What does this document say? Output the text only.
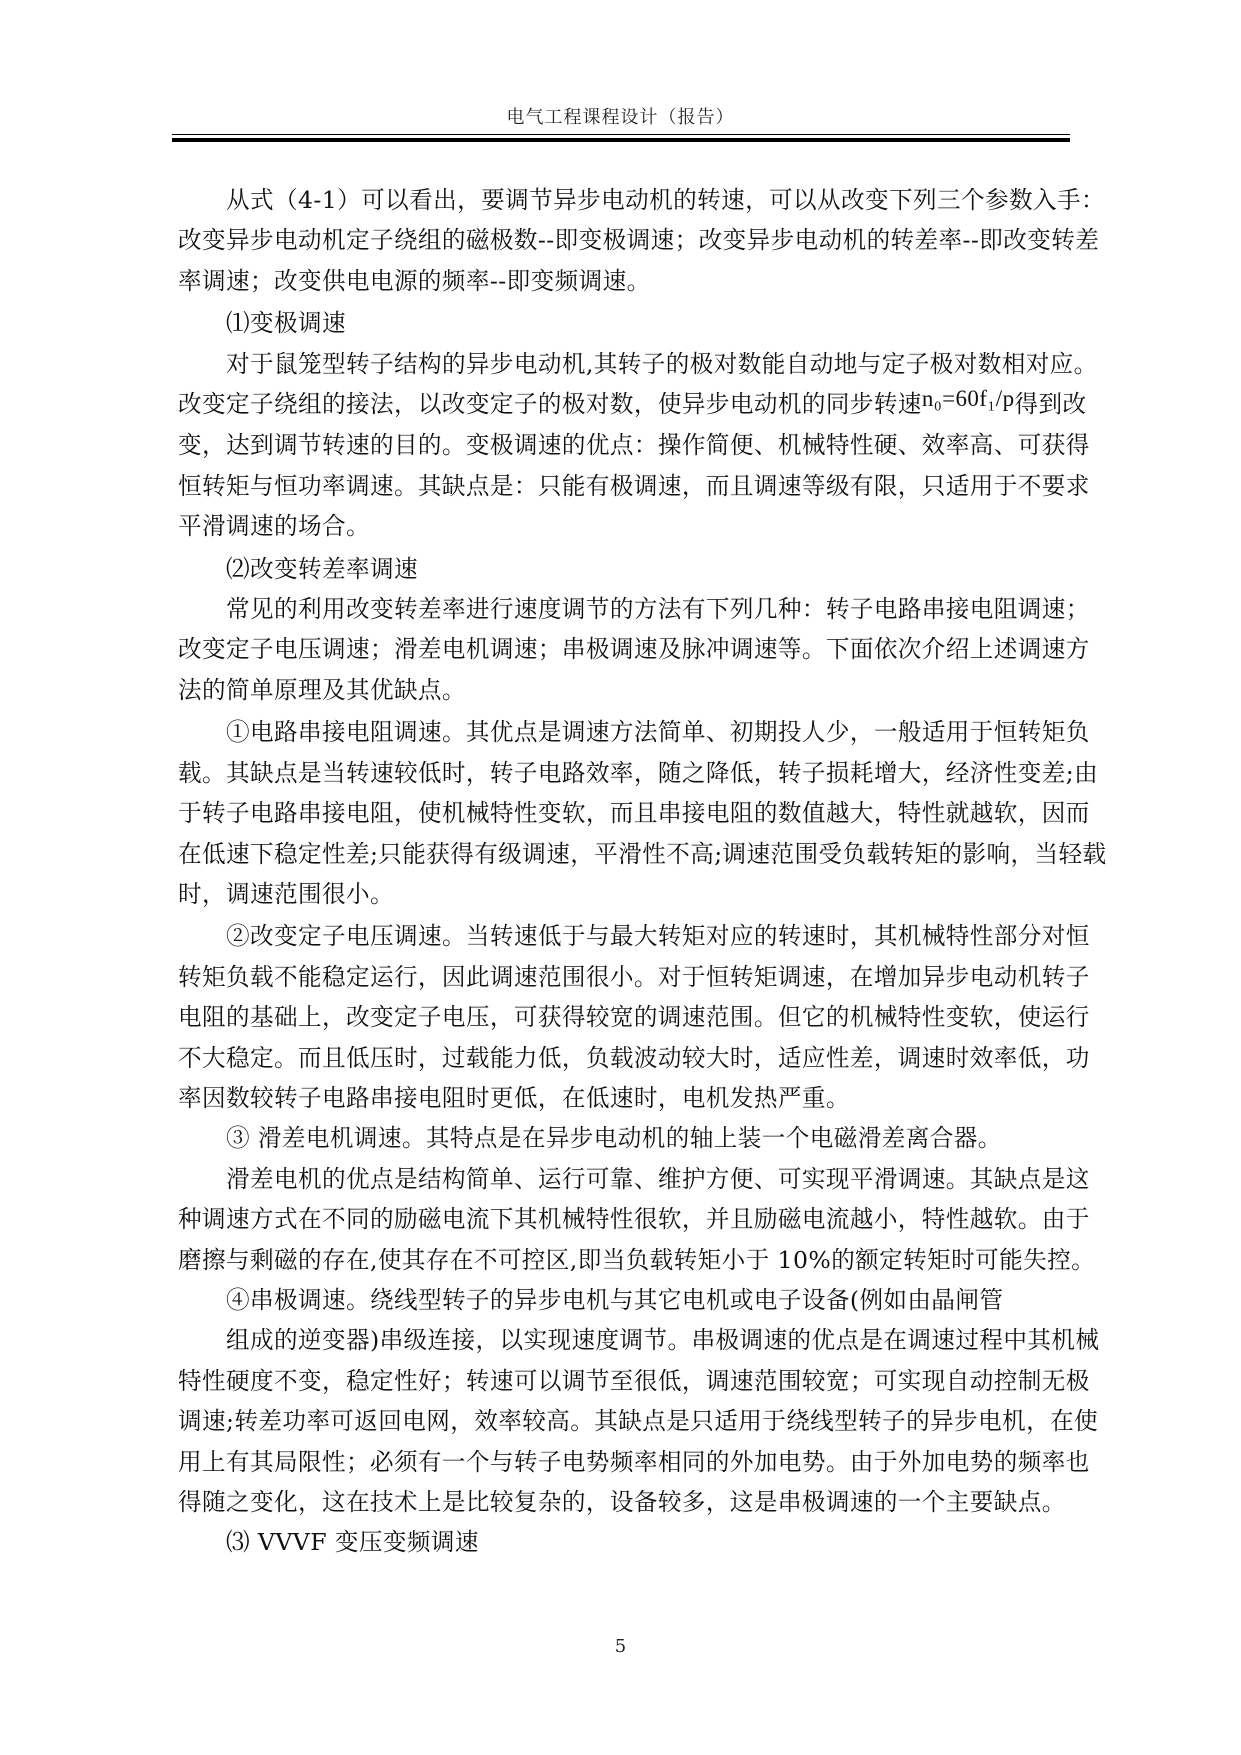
电气工程课程设计（报告）

从式（4-1）可以看出，要调节异步电动机的转速，可以从改变下列三个参数入手：改变异步电动机定子绕组的磁极数--即变极调速；改变异步电动机的转差率--即改变转差率调速；改变供电电源的频率--即变频调速。

⑴变极调速

对于鼠笼型转子结构的异步电动机,其转子的极对数能自动地与定子极对数相对应。改变定子绕组的接法，以改变定子的极对数，使异步电动机的同步转速n₀=60f₁/p得到改变，达到调节转速的目的。变极调速的优点：操作简便、机械特性硬、效率高、可获得恒转矩与恒功率调速。其缺点是：只能有极调速，而且调速等级有限，只适用于不要求平滑调速的场合。

⑵改变转差率调速

常见的利用改变转差率进行速度调节的方法有下列几种：转子电路串接电阻调速；改变定子电压调速；滑差电机调速；串极调速及脉冲调速等。下面依次介绍上述调速方法的简单原理及其优缺点。

①电路串接电阻调速。其优点是调速方法简单、初期投人少，一般适用于恒转矩负载。其缺点是当转速较低时，转子电路效率，随之降低，转子损耗增大，经济性变差;由于转子电路串接电阻，使机械特性变软，而且串接电阻的数值越大，特性就越软，因而在低速下稳定性差;只能获得有级调速，平滑性不高;调速范围受负载转矩的影响，当轻载时，调速范围很小。

②改变定子电压调速。当转速低于与最大转矩对应的转速时，其机械特性部分对恒转矩负载不能稳定运行，因此调速范围很小。对于恒转矩调速，在增加异步电动机转子电阻的基础上，改变定子电压，可获得较宽的调速范围。但它的机械特性变软，使运行不大稳定。而且低压时，过载能力低，负载波动较大时，适应性差，调速时效率低，功率因数较转子电路串接电阻时更低，在低速时，电机发热严重。

③ 滑差电机调速。其特点是在异步电动机的轴上装一个电磁滑差离合器。

滑差电机的优点是结构简单、运行可靠、维护方便、可实现平滑调速。其缺点是这种调速方式在不同的励磁电流下其机械特性很软，并且励磁电流越小，特性越软。由于磨擦与剩磁的存在,使其存在不可控区,即当负载转矩小于 10%的额定转矩时可能失控。

④串极调速。绕线型转子的异步电机与其它电机或电子设备(例如由晶闸管

组成的逆变器)串级连接，以实现速度调节。串极调速的优点是在调速过程中其机械特性硬度不变，稳定性好；转速可以调节至很低，调速范围较宽；可实现自动控制无极调速;转差功率可返回电网，效率较高。其缺点是只适用于绕线型转子的异步电机，在使用上有其局限性；必须有一个与转子电势频率相同的外加电势。由于外加电势的频率也得随之变化，这在技术上是比较复杂的，设备较多，这是串极调速的一个主要缺点。

⑶ VVVF 变压变频调速

5
